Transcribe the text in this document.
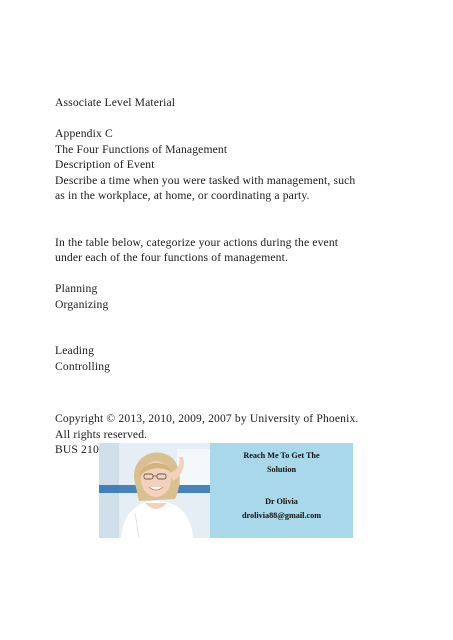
Associate Level Material

Appendix C

The Four Functions of Management

Description of Event

Describe a time when you were tasked with management, such

as in the workplace, at home, or coordinating a party.

In the table below, categorize your actions during the event

under each of the four functions of management.

Planning

Organizing

Leading

Controlling

Copyright © 2013, 2010, 2009, 2007 by University of Phoenix.

All rights reserved.

BUS 210	Reach Me To Get The
Solution
Dr Olivia
drolivia88@gmail.com
